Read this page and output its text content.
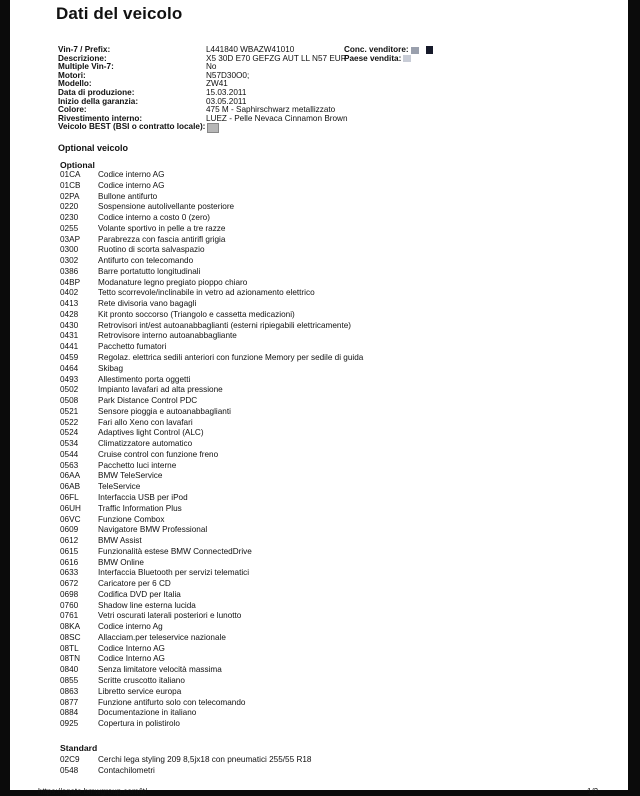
Dati del veicolo
Vin-7 / Prefix:	L441840 WBAZW41010	Conc. venditore:
Descrizione:	X5 30D E70 GEFZG AUT LL N57 EUR
Paese vendita:
Multiple Vin-7:	No
Motori:	N57D30O0;
Modello:	ZW41
Data di produzione:	15.03.2011
Inizio della garanzia:	03.05.2011
Colore:	475 M - Saphirschwarz metallizzato
Rivestimento interno:	LUEZ - Pelle Nevaca Cinnamon Brown
Veicolo BEST (BSI o contratto locale):
Optional veicolo
Optional
01CA	Codice interno AG
01CB	Codice interno AG
02PA	Bullone antifurto
0220	Sospensione autolivellante posteriore
0230	Codice interno a costo 0 (zero)
0255	Volante sportivo in pelle a tre razze
03AP	Parabrezza con fascia antirifl grigia
0300	Ruotino di scorta salvaspazio
0302	Antifurto con telecomando
0386	Barre portatutto longitudinali
04BP	Modanature legno pregiato pioppo chiaro
0402	Tetto scorrevole/inclinabile in vetro ad azionamento elettrico
0413	Rete divisoria vano bagagli
0428	Kit pronto soccorso (Triangolo e cassetta medicazioni)
0430	Retrovisori int/est autoanabbaglianti (esterni ripiegabili elettricamente)
0431	Retrovisore interno autoanabbagliante
0441	Pacchetto fumatori
0459	Regolaz. elettrica sedili anteriori con funzione Memory per sedile di guida
0464	Skibag
0493	Allestimento porta oggetti
0502	Impianto lavafari ad alta pressione
0508	Park Distance Control PDC
0521	Sensore pioggia e autoanabbaglianti
0522	Fari allo Xeno con lavafari
0524	Adaptives light Control (ALC)
0534	Climatizzatore automatico
0544	Cruise control con funzione freno
0563	Pacchetto luci interne
06AA	BMW TeleService
06AB	TeleService
06FL	Interfaccia USB per iPod
06UH	Traffic Information Plus
06VC	Funzione Combox
0609	Navigatore BMW Professional
0612	BMW Assist
0615	Funzionalità estese BMW ConnectedDrive
0616	BMW Online
0633	Interfaccia Bluetooth per servizi telematici
0672	Caricatore per 6 CD
0698	Codifica DVD per Italia
0760	Shadow line esterna lucida
0761	Vetri oscurati laterali posteriori e lunotto
08KA	Codice interno Ag
08SC	Allacciam.per teleservice nazionale
08TL	Codice Interno AG
08TN	Codice Interno AG
0840	Senza limitatore velocità massima
0855	Scritte cruscotto italiano
0863	Libretto service europa
0877	Funzione antifurto solo con telecomando
0884	Documentazione in italiano
0925	Copertura in polistirolo
Standard
02C9	Cerchi lega styling 209 8,5jx18 con pneumatici 255/55 R18
0548	Contachilometri
https://sgate.bmwgroup.com/it/	1/2
